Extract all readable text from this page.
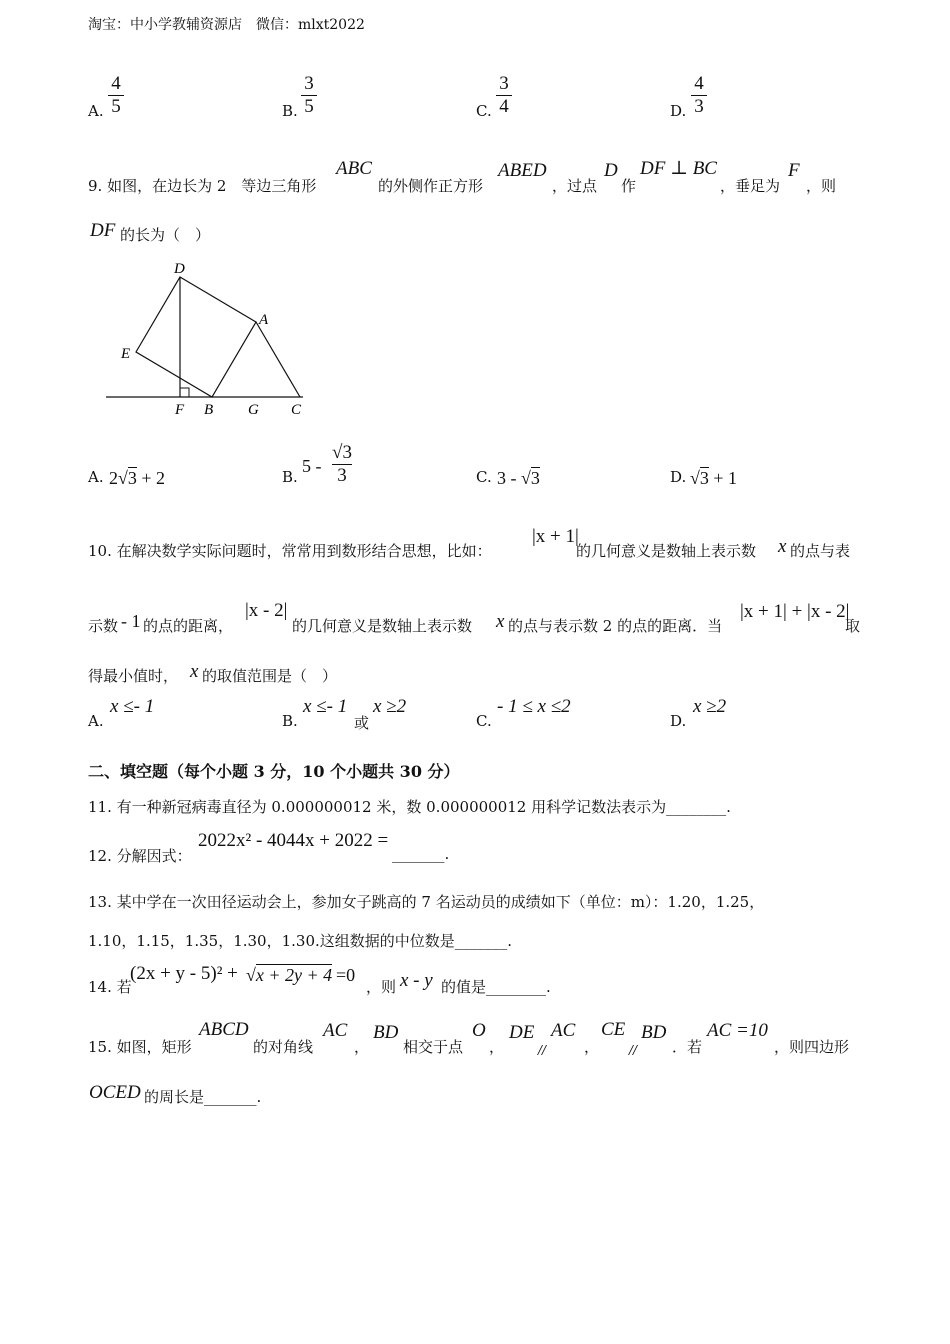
淘宝：中小学教辅资源店　微信：mlxt2022
A.
4
5	B.
3
5	C.
3
4	D.
4
3
9. 如图，在边长为 2　等边三角形
ABC
的外侧作正方形
ABED
，过点
D
作
DF ⊥ BC
，垂足为
F
，则
DF 的长为（　）
D
A
E
F B G C
A. 2√3 + 2	B.
5 -
√3
3	C. 3 - √3	D. √3 + 1
10. 在解决数学实际问题时，常常用到数形结合思想，比如：
|x + 1|
的几何意义是数轴上表示数 x 的点与表
示数 - 1 的点的距离，
|x - 2|
的几何意义是数轴上表示数 x 的点与表示数 2 的点的距离．当
|x + 1| + |x - 2|
取
得最小值时， x 的取值范围是（　）
A.
x ≤- 1
B.
x ≤- 1
或
x ≥2
C.
- 1 ≤ x ≤2
D.
x ≥2
二、填空题（每个小题 3 分，10 个小题共 30 分）
11. 有一种新冠病毒直径为 0.000000012 米，数 0.000000012 用科学记数法表示为________.
12. 分解因式：
2022x² - 4044x + 2022 =
_______.
13. 某中学在一次田径运动会上，参加女子跳高的 7 名运动员的成绩如下（单位：m）：1.20，1.25，
1.10，1.15，1.35，1.30，1.30.这组数据的中位数是_______.
14. 若
(2x + y - 5)² + √x + 2y + 4 =0
，则 x - y 的值是________.
15. 如图，矩形
ABCD
的对角线
AC
，
BD
相交于点
O
，
DE
//
AC
，
CE
//
BD
．若
AC =10
，则四边形
OCED 的周长是_______.
